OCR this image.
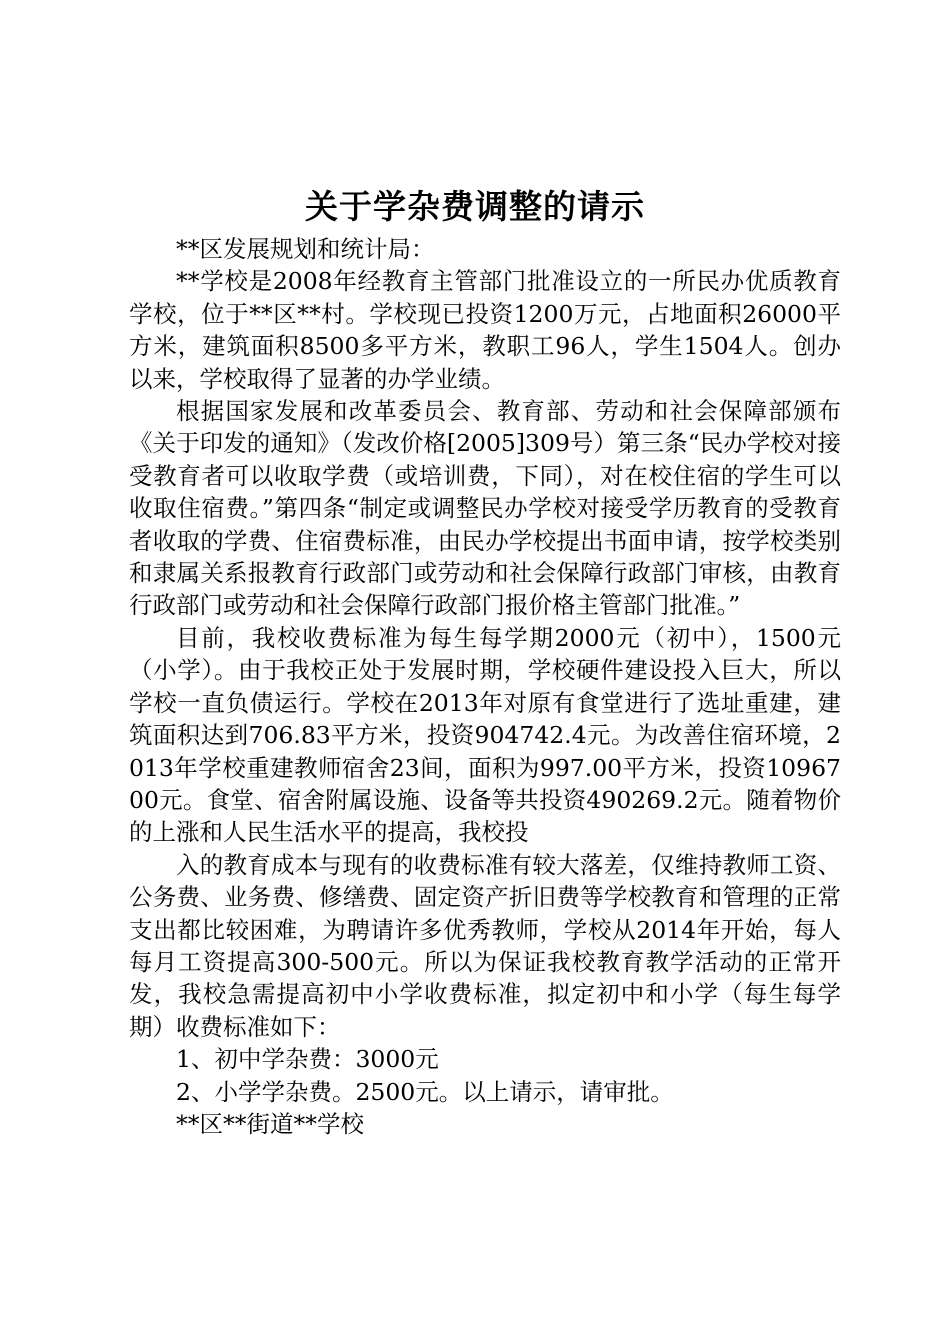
关于学杂费调整的请示

**区发展规划和统计局：

**学校是2008年经教育主管部门批准设立的一所民办优质教育学校，位于**区**村。学校现已投资1200万元，占地面积26000平方米，建筑面积8500多平方米，教职工96人，学生1504人。创办以来，学校取得了显著的办学业绩。

根据国家发展和改革委员会、教育部、劳动和社会保障部颁布《关于印发的通知》（发改价格[2005]309号）第三条“民办学校对接受教育者可以收取学费（或培训费，下同），对在校住宿的学生可以收取住宿费。”第四条“制定或调整民办学校对接受学历教育的受教育者收取的学费、住宿费标准，由民办学校提出书面申请，按学校类别和隶属关系报教育行政部门或劳动和社会保障行政部门审核，由教育行政部门或劳动和社会保障行政部门报价格主管部门批准。”

目前，我校收费标准为每生每学期2000元（初中），1500元（小学）。由于我校正处于发展时期，学校硬件建设投入巨大，所以学校一直负债运行。学校在2013年对原有食堂进行了选址重建，建筑面积达到706.83平方米，投资904742.4元。为改善住宿环境，2013年学校重建教师宿舍23间，面积为997.00平方米，投资1096700元。食堂、宿舍附属设施、设备等共投资490269.2元。随着物价的上涨和人民生活水平的提高，我校投

入的教育成本与现有的收费标准有较大落差，仅维持教师工资、公务费、业务费、修缮费、固定资产折旧费等学校教育和管理的正常支出都比较困难，为聘请许多优秀教师，学校从2014年开始，每人每月工资提高300-500元。所以为保证我校教育教学活动的正常开发，我校急需提高初中小学收费标准，拟定初中和小学（每生每学期）收费标准如下：

1、初中学杂费：3000元

2、小学学杂费。2500元。以上请示，请审批。

**区**街道**学校
